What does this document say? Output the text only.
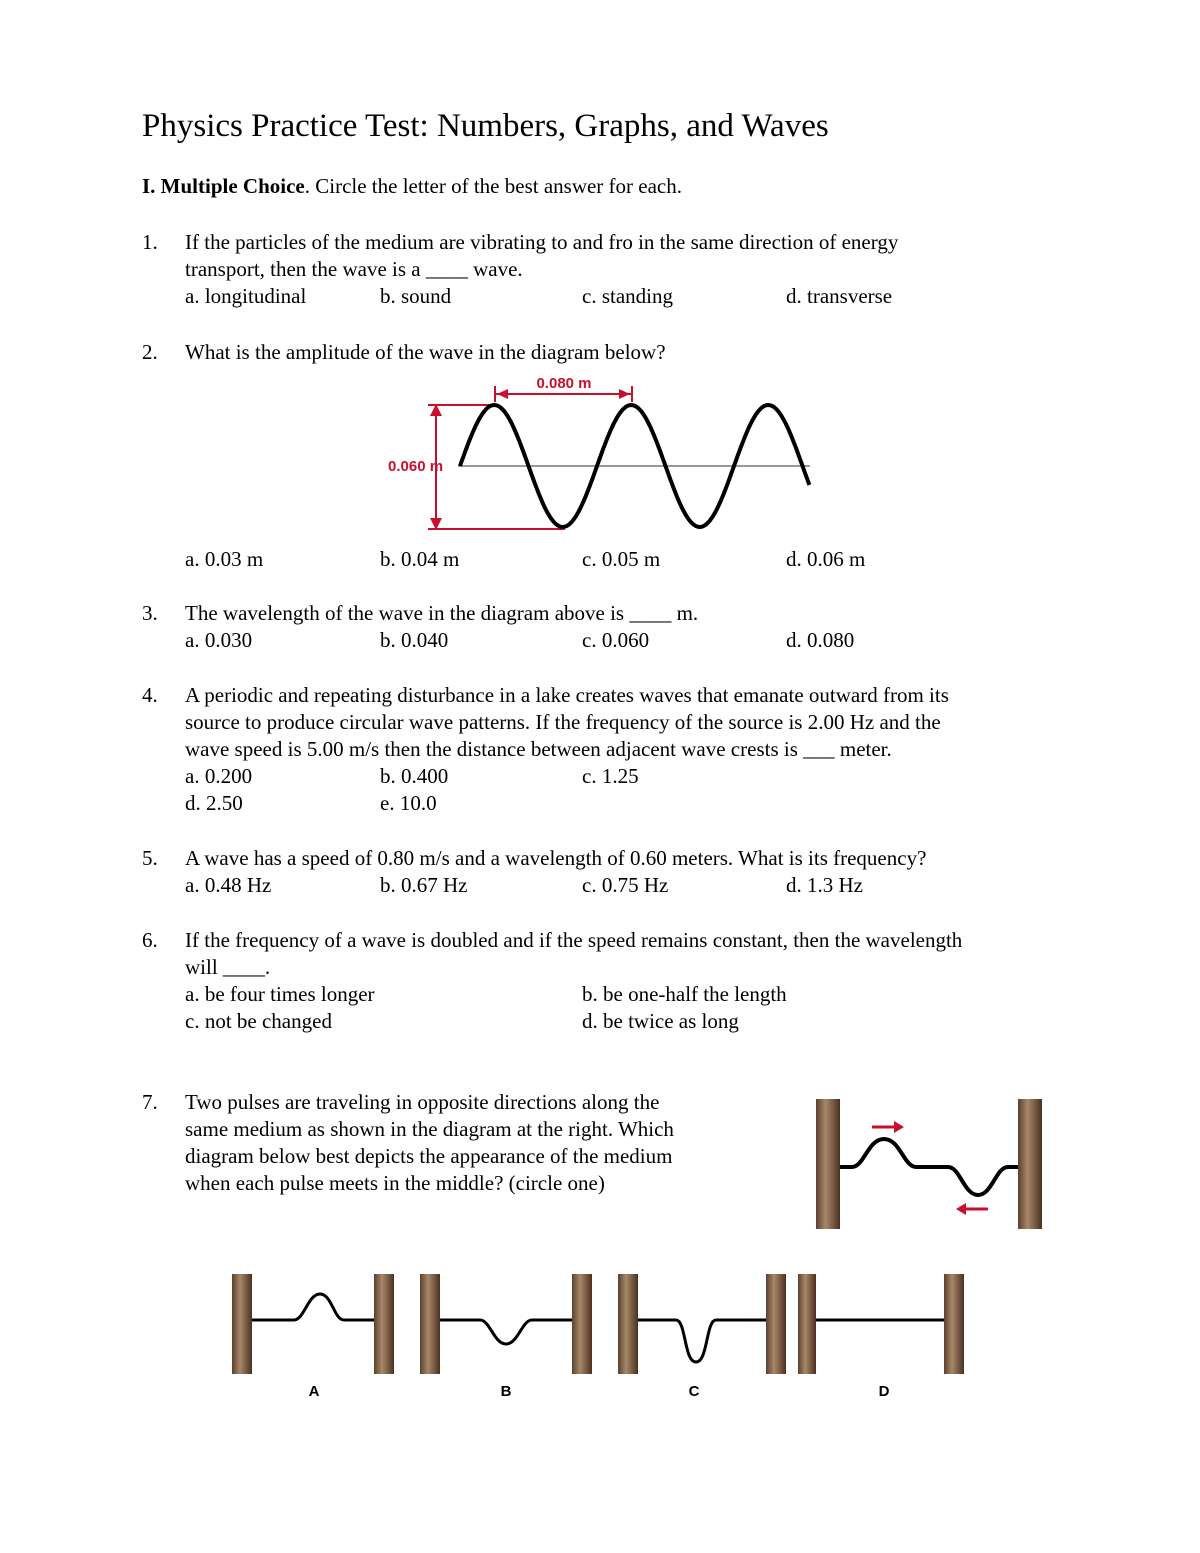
Physics Practice Test: Numbers, Graphs, and Waves
I. Multiple Choice. Circle the letter of the best answer for each.
1. If the particles of the medium are vibrating to and fro in the same direction of energy
transport, then the wave is a ____ wave.
a. longitudinal	b. sound	c. standing	d. transverse
2. What is the amplitude of the wave in the diagram below?
0.080 m
0.060 m
a. 0.03 m	b. 0.04 m	c. 0.05 m	d. 0.06 m
3. The wavelength of the wave in the diagram above is ____ m.
a. 0.030	b. 0.040	c. 0.060	d. 0.080
4. A periodic and repeating disturbance in a lake creates waves that emanate outward from its
source to produce circular wave patterns. If the frequency of the source is 2.00 Hz and the
wave speed is 5.00 m/s then the distance between adjacent wave crests is ___ meter.
a. 0.200	b. 0.400	c. 1.25
d. 2.50	e. 10.0
5. A wave has a speed of 0.80 m/s and a wavelength of 0.60 meters. What is its frequency?
a. 0.48 Hz	b. 0.67 Hz	c. 0.75 Hz	d. 1.3 Hz
6. If the frequency of a wave is doubled and if the speed remains constant, then the wavelength
will ____.
a. be four times longer	b. be one-half the length
c. not be changed	d. be twice as long
7. Two pulses are traveling in opposite directions along the
same medium as shown in the diagram at the right. Which
diagram below best depicts the appearance of the medium
when each pulse meets in the middle? (circle one)
A	B	C	D
